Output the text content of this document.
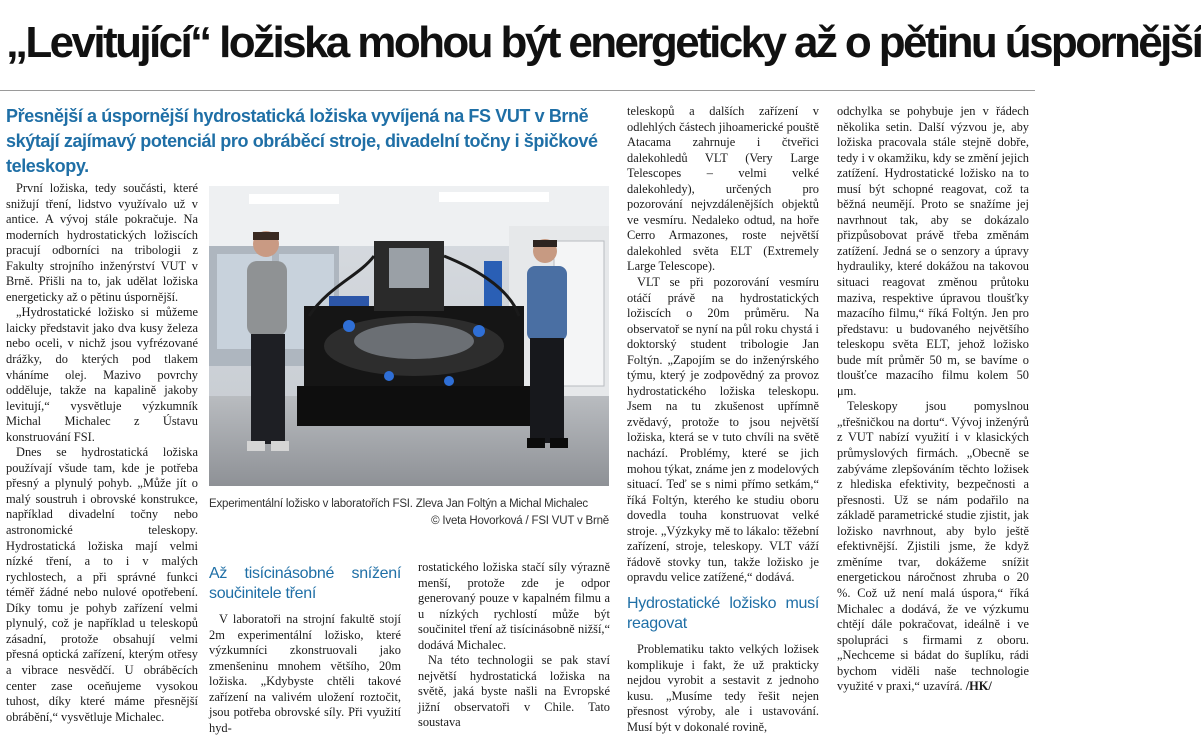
„Levitující“ ložiska mohou být energeticky až o pětinu úspornější
Přesnější a úspornější hydrostatická ložiska vyvíjená na FS VUT v Brně skýtají zajímavý potenciál pro obráběcí stroje, divadelní točny i špičkové teleskopy.

První ložiska, tedy součásti, které snižují tření, lidstvo využívalo už v antice. A vývoj stále pokračuje. Na moderních hydrostatických ložiscích pracují odborníci na tribologii z Fakulty strojního inženýrství VUT v Brně. Přišli na to, jak udělat ložiska energeticky až o pětinu úspornější.

„Hydrostatické ložisko si můžeme laicky představit jako dva kusy železa nebo oceli, v nichž jsou vyfrézované drážky, do kterých pod tlakem vháníme olej. Mazivo povrchy odděluje, takže na kapalině jakoby levitují,“ vysvětluje výzkumník Michal Michalec z Ústavu konstruování FSI.

Dnes se hydrostatická ložiska používají všude tam, kde je potřeba přesný a plynulý pohyb. „Může jít o malý soustruh i obrovské konstrukce, například divadelní točny nebo astronomické teleskopy. Hydrostatická ložiska mají velmi nízké tření, a to i v malých rychlostech, a při správné funkci téměř žádné nebo nulové opotřebení. Díky tomu je pohyb zařízení velmi plynulý, což je například u teleskopů zásadní, protože obsahují velmi přesná optická zařízení, kterým otřesy a vibrace nesvědčí. U obráběcích center zase oceňujeme vysokou tuhost, díky které máme přesnější obrábění,“ vysvětluje Michalec.

Experimentální ložisko v laboratořích FSI. Zleva Jan Foltýn a Michal Michalec
© Iveta Hovorková / FSI VUT v Brně
Až tisícinásobné snížení součinitele tření

V laboratoři na strojní fakultě stojí 2m experimentální ložisko, které výzkumníci zkonstruovali jako zmenšeninu mnohem většího, 20m ložiska. „Kdybyste chtěli takové zařízení na valivém uložení roztočit, jsou potřeba obrovské síly. Při využití hyd-

rostatického ložiska stačí síly výrazně menší, protože zde je odpor generovaný pouze v kapalném filmu a u nízkých rychlostí může být součinitel tření až tisícinásobně nižší,“ dodává Michalec.

Na této technologii se pak staví největší hydrostatická ložiska na světě, jaká byste našli na Evropské jižní observatoři v Chile. Tato soustava

teleskopů a dalších zařízení v odlehlých částech jihoamerické pouště Atacama zahrnuje i čtveřici dalekohledů VLT (Very Large Telescopes – velmi velké dalekohledy), určených pro pozorování nejvzdálenějších objektů ve vesmíru. Nedaleko odtud, na hoře Cerro Armazones, roste největší dalekohled světa ELT (Extremely Large Telescope).

VLT se při pozorování vesmíru otáčí právě na hydrostatických ložiscích o 20m průměru. Na observatoř se nyní na půl roku chystá i doktorský student tribologie Jan Foltýn. „Zapojím se do inženýrského týmu, který je zodpovědný za provoz hydrostatického ložiska teleskopu. Jsem na tu zkušenost upřímně zvědavý, protože to jsou největší ložiska, která se v tuto chvíli na světě nachází. Problémy, které se jich mohou týkat, známe jen z modelových situací. Teď se s nimi přímo setkám,“ říká Foltýn, kterého ke studiu oboru dovedla touha konstruovat velké stroje. „Výzkyky mě to lákalo: těžební zařízení, stroje, teleskopy. VLT váží řádově stovky tun, takže ložisko je opravdu velice zatížené,“ dodává.

Hydrostatické ložisko musí reagovat

Problematiku takto velkých ložisek komplikuje i fakt, že už prakticky nejdou vyrobit a sestavit z jednoho kusu. „Musíme tedy řešit nejen přesnost výroby, ale i ustavování. Musí být v dokonalé rovině,

odchylka se pohybuje jen v řádech několika setin. Další výzvou je, aby ložiska pracovala stále stejně dobře, tedy i v okamžiku, kdy se změní jejich zatížení. Hydrostatické ložisko na to musí být schopné reagovat, což ta běžná neumějí. Proto se snažíme jej navrhnout tak, aby se dokázalo přizpůsobovat právě třeba změnám zatížení. Jedná se o senzory a úpravy hydrauliky, které dokážou na takovou situaci reagovat změnou průtoku maziva, respektive úpravou tloušťky mazacího filmu,“ říká Foltýn. Jen pro představu: u budovaného největšího teleskopu světa ELT, jehož ložisko bude mít průměr 50 m, se bavíme o tloušťce mazacího filmu kolem 50 μm.

Teleskopy jsou pomyslnou „třešničkou na dortu“. Vývoj inženýrů z VUT nabízí využití i v klasických průmyslových firmách. „Obecně se zabýváme zlepšováním těchto ložisek z hlediska efektivity, bezpečnosti a přesnosti. Už se nám podařilo na základě parametrické studie zjistit, jak ložisko navrhnout, aby bylo ještě efektivnější. Zjistili jsme, že když změníme tvar, dokážeme snížit energetickou náročnost zhruba o 20 %. Což už není malá úspora,“ říká Michalec a dodává, že ve výzkumu chtějí dále pokračovat, ideálně i ve spolupráci s firmami z oboru. „Nechceme si bádat do šuplíku, rádi bychom viděli naše technologie využité v praxi,“ uzavírá. /HK/
